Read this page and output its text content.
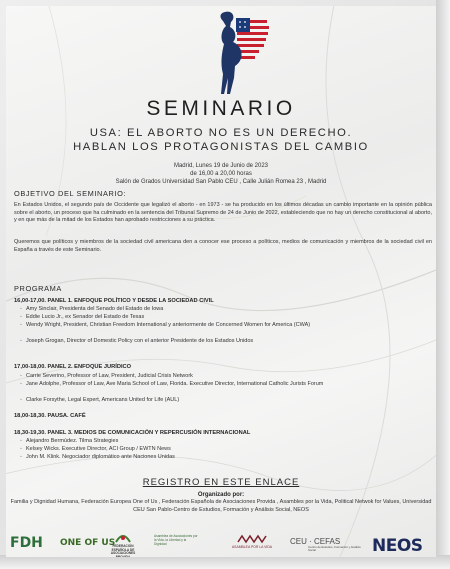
SEMINARIO
USA: EL ABORTO NO ES UN DERECHO.
HABLAN LOS PROTAGONISTAS DEL CAMBIO
Madrid, Lunes 19 de Junio de 2023
de 16,00 a 20,00 horas
Salón de Grados Universidad San Pablo CEU , Calle Julián Romea 23 , Madrid
OBJETIVO DEL SEMINARIO:
En Estados Unidos, el segundo país de Occidente que legalizó el aborto - en 1973 - se ha producido en los últimos décadas un cambio importante en la opinión pública sobre el aborto, un proceso que ha culminado en la sentencia del Tribunal Supremo de 24 de Junio de 2022, estableciendo que no hay un derecho constitucional al aborto, y en que más de la mitad de los Estados han aprobado restricciones a su práctica.
Queremos que políticos y miembros de la sociedad civil americana den a conocer ese proceso a políticos, medios de comunicación y miembros de la sociedad civil en España a través de este Seminario.
PROGRAMA
16,00-17,00. PANEL 1. ENFOQUE POLÍTICO Y DESDE LA SOCIEDAD CIVIL
◦ Amy Sinclair, Presidenta del Senado del Estado de Iowa
◦ Eddie Lucio Jr., ex Senador del Estado de Texas
◦ Wendy Wright, President, Christian Freedom International y anteriormente de Concerned Women for America (CWA)
◦ Joseph Grogan, Director of Domestic Policy con el anterior Presidente de los Estados Unidos
17,00-18,00. PANEL 2. ENFOQUE JURÍDICO
◦ Carrie Severino, Professor of Law, President, Judicial Crisis Network
◦ Jane Adolphe, Professor of Law, Ave Maria School of Law, Florida. Executive Director, International Catholic Jurists Forum
◦ Clarke Forsythe, Legal Expert, Americans United for Life (AUL)
18,00-18,30. PAUSA. CAFÉ
18,30-19,30. PANEL 3. MEDIOS DE COMUNICACIÓN Y REPERCUSIÓN INTERNACIONAL
◦ Alejandro Bermúdez. Tilma Strategies
◦ Kelsey Wicks. Executive Director, ACI Group / EWTN News
◦ John M. Klink. Negociador diplomático ante Naciones Unidas
REGISTRO EN ESTE ENLACE
Organizado por:
Familia y Dignidad Humana, Federación Europea One of Us , Federación Española de Asociaciones Provida , Asambles por la Vida, Political Netwok for Values, Universidad CEU San Pablo-Centro de Estudios, Formación y Análisis Social, NEOS
FDH ONE OF US
FEDERACIÓN ESPAÑOLA DE ASOCIACIONES PROVIDA
Asamblea de Asociaciones por la Vida, la Libertad y la Dignidad
ASAMBLEA POR LA VIDA
CEU · CEFAS
Centro de Estudios, Formación y Análisis Social	NEOS
